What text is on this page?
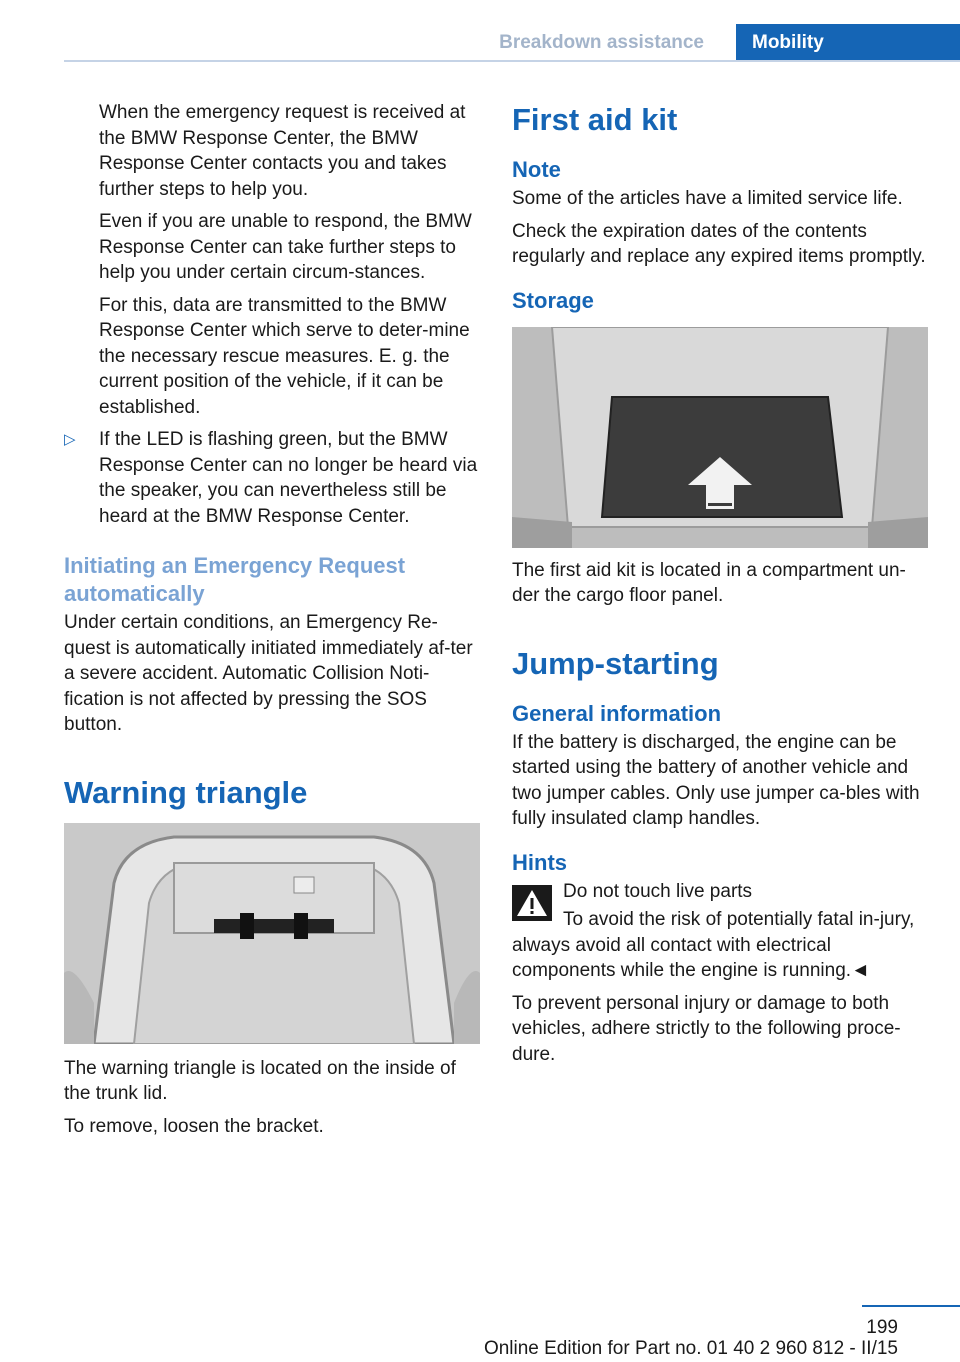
Breakdown assistance	Mobility

When the emergency request is received at the BMW Response Center, the BMW Response Center contacts you and takes further steps to help you.

Even if you are unable to respond, the BMW Response Center can take further steps to help you under certain circum-stances.

For this, data are transmitted to the BMW Response Center which serve to deter-mine the necessary rescue measures. E. g. the current position of the vehicle, if it can be established.

▷ If the LED is flashing green, but the BMW Response Center can no longer be heard via the speaker, you can nevertheless still be heard at the BMW Response Center.

Initiating an Emergency Request automatically

Under certain conditions, an Emergency Re-quest is automatically initiated immediately af-ter a severe accident. Automatic Collision Noti-fication is not affected by pressing the SOS button.

Warning triangle

The warning triangle is located on the inside of the trunk lid.

To remove, loosen the bracket.

First aid kit
Note

Some of the articles have a limited service life.

Check the expiration dates of the contents regularly and replace any expired items promptly.

Storage

The first aid kit is located in a compartment un-der the cargo floor panel.

Jump-starting
General information

If the battery is discharged, the engine can be started using the battery of another vehicle and two jumper cables. Only use jumper ca-bles with fully insulated clamp handles.

Hints

Do not touch live parts

To avoid the risk of potentially fatal in-jury, always avoid all contact with electrical components while the engine is running.◄

To prevent personal injury or damage to both vehicles, adhere strictly to the following proce-dure.

199
Online Edition for Part no. 01 40 2 960 812 - II/15
